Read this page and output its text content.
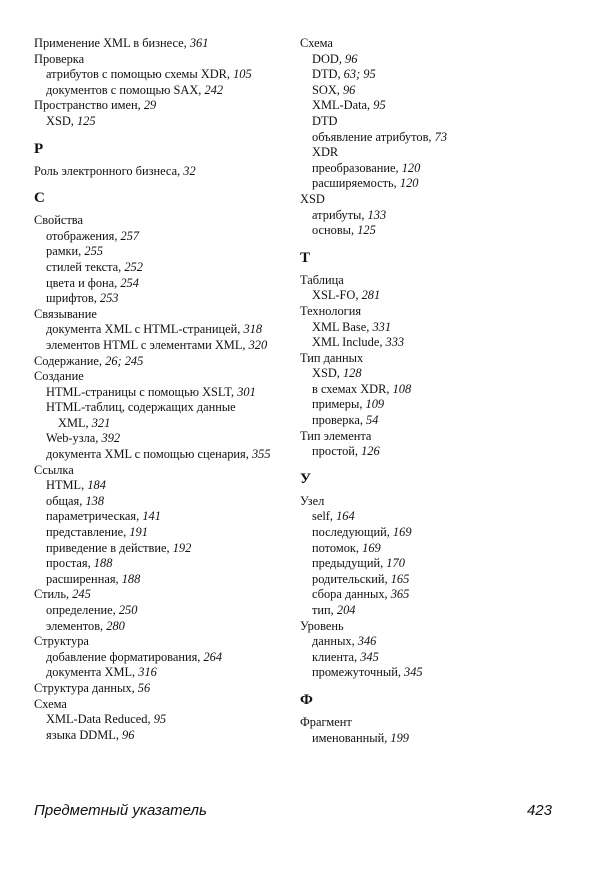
Применение XML в бизнесе, 361
Проверка
атрибутов с помощью схемы XDR, 105
документов с помощью SAX, 242
Пространство имен, 29
XSD, 125
Р
Роль электронного бизнеса, 32
С
Свойства
отображения, 257
рамки, 255
стилей текста, 252
цвета и фона, 254
шрифтов, 253
Связывание
документа XML с HTML-страницей, 318
элементов HTML с элементами XML, 320
Содержание, 26; 245
Создание
HTML-страницы с помощью XSLT, 301
HTML-таблиц, содержащих данные
XML, 321
Web-узла, 392
документа XML с помощью сценария, 355
Ссылка
HTML, 184
общая, 138
параметрическая, 141
представление, 191
приведение в действие, 192
простая, 188
расширенная, 188
Стиль, 245
определение, 250
элементов, 280
Структура
добавление форматирования, 264
документа XML, 316
Структура данных, 56
Схема
XML-Data Reduced, 95
языка DDML, 96
Схема
DOD, 96
DTD, 63; 95
SOX, 96
XML-Data, 95
DTD
объявление атрибутов, 73
XDR
преобразование, 120
расширяемость, 120
XSD
атрибуты, 133
основы, 125
Т
Таблица
XSL-FO, 281
Технология
XML Base, 331
XML Include, 333
Тип данных
XSD, 128
в схемах XDR, 108
примеры, 109
проверка, 54
Тип элемента
простой, 126
У
Узел
self, 164
последующий, 169
потомок, 169
предыдущий, 170
родительский, 165
сбора данных, 365
тип, 204
Уровень
данных, 346
клиента, 345
промежуточный, 345
Ф
Фрагмент
именованный, 199
Предметный указатель	423
